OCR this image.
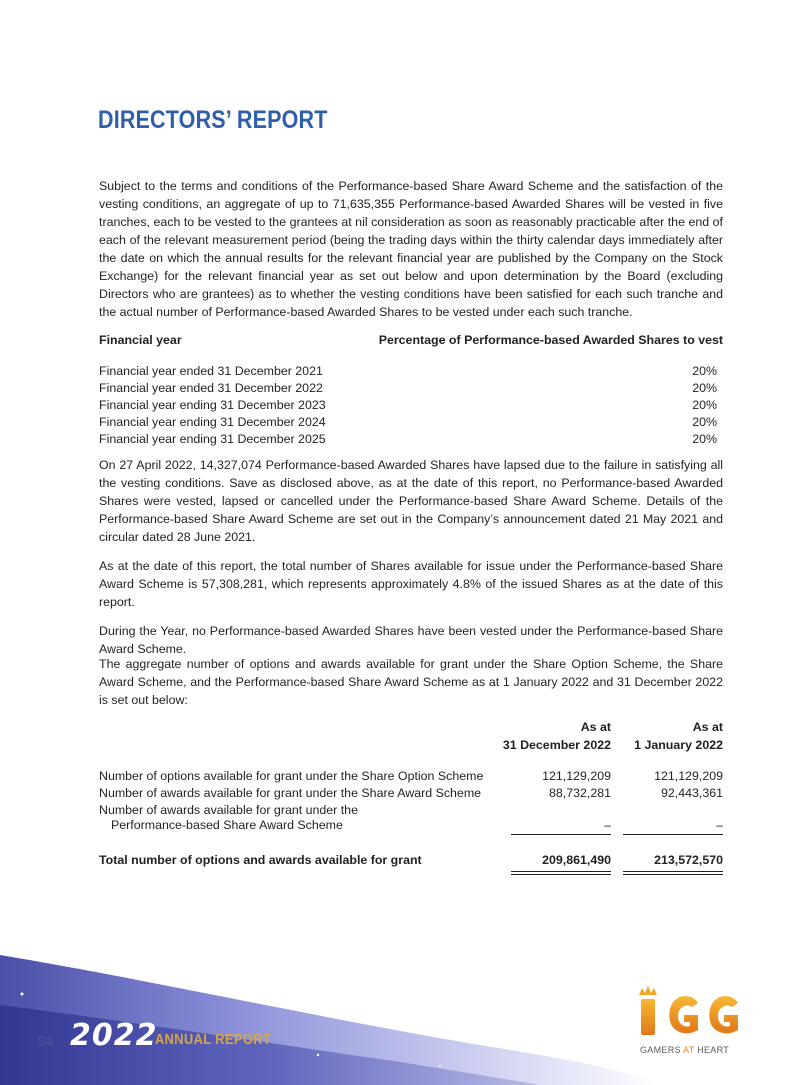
DIRECTORS’ REPORT

Subject to the terms and conditions of the Performance-based Share Award Scheme and the satisfaction of the vesting conditions, an aggregate of up to 71,635,355 Performance-based Awarded Shares will be vested in five tranches, each to be vested to the grantees at nil consideration as soon as reasonably practicable after the end of each of the relevant measurement period (being the trading days within the thirty calendar days immediately after the date on which the annual results for the relevant financial year are published by the Company on the Stock Exchange) for the relevant financial year as set out below and upon determination by the Board (excluding Directors who are grantees) as to whether the vesting conditions have been satisfied for each such tranche and the actual number of Performance-based Awarded Shares to be vested under each such tranche.

Financial year	Percentage of Performance-based Awarded Shares to vest
Financial year ended 31 December 2021	20%
Financial year ended 31 December 2022	20%
Financial year ending 31 December 2023	20%
Financial year ending 31 December 2024	20%
Financial year ending 31 December 2025	20%

On 27 April 2022, 14,327,074 Performance-based Awarded Shares have lapsed due to the failure in satisfying all the vesting conditions. Save as disclosed above, as at the date of this report, no Performance-based Awarded Shares were vested, lapsed or cancelled under the Performance-based Share Award Scheme. Details of the Performance-based Share Award Scheme are set out in the Company’s announcement dated 21 May 2021 and circular dated 28 June 2021.

As at the date of this report, the total number of Shares available for issue under the Performance-based Share Award Scheme is 57,308,281, which represents approximately 4.8% of the issued Shares as at the date of this report.

During the Year, no Performance-based Awarded Shares have been vested under the Performance-based Share Award Scheme.

The aggregate number of options and awards available for grant under the Share Option Scheme, the Share Award Scheme, and the Performance-based Share Award Scheme as at 1 January 2022 and 31 December 2022 is set out below:

As at	As at
31 December 2022 1 January 2022
Number of options available for grant under the Share Option Scheme	121,129,209	121,129,209
Number of awards available for grant under the Share Award Scheme	88,732,281	92,443,361
Number of awards available for grant under the
Performance-based Share Award Scheme	–	–
Total number of options and awards available for grant	209,861,490	213,572,570
94 2022
ANNUAL REPORT
GAMERS AT HEART
